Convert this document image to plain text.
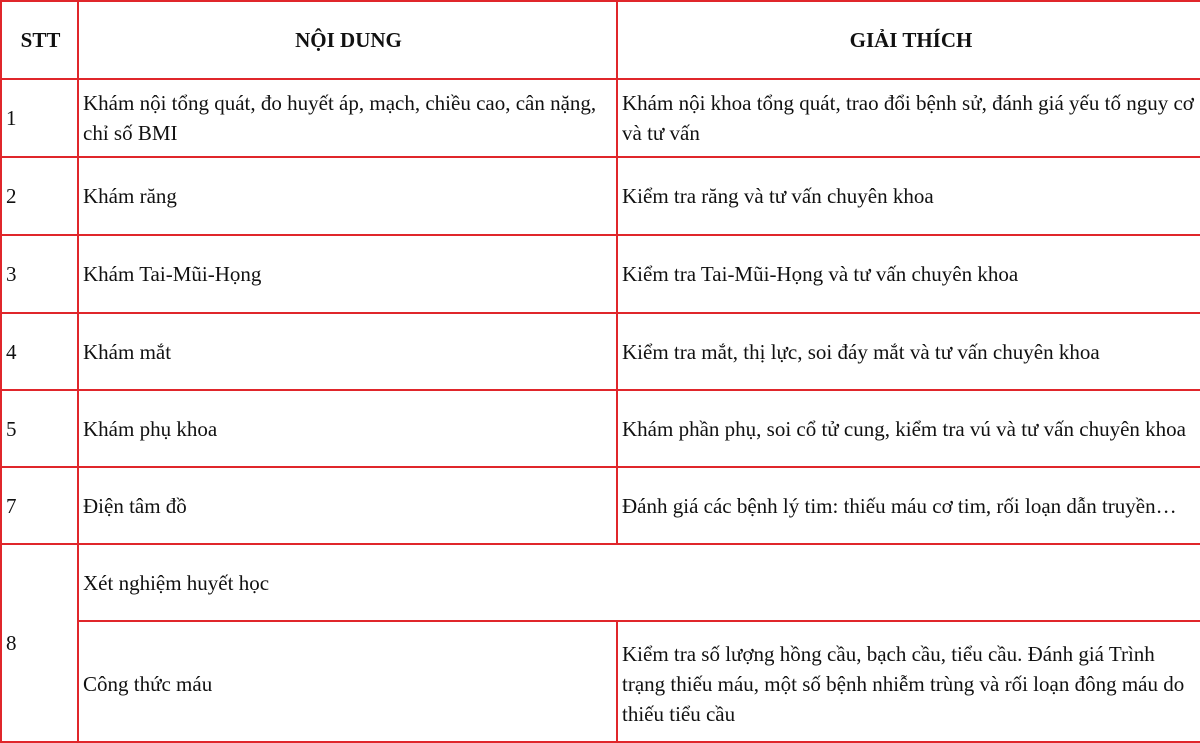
STT	NỘI DUNG	GIẢI THÍCH
1	Khám nội tổng quát, đo huyết áp, mạch, chiều cao, cân nặng, chỉ số BMI	Khám nội khoa tổng quát, trao đổi bệnh sử, đánh giá yếu tố nguy cơ và tư vấn
2	Khám răng	Kiểm tra răng và tư vấn chuyên khoa
3	Khám Tai-Mũi-Họng	Kiểm tra Tai-Mũi-Họng và tư vấn chuyên khoa
4	Khám mắt	Kiểm tra mắt, thị lực, soi đáy mắt và tư vấn chuyên khoa
5	Khám phụ khoa	Khám phần phụ, soi cổ tử cung, kiểm tra vú và tư vấn chuyên khoa
7	Điện tâm đồ	Đánh giá các bệnh lý tim: thiếu máu cơ tim, rối loạn dẫn truyền…
8	Xét nghiệm huyết học	
	Công thức máu	Kiểm tra số lượng hồng cầu, bạch cầu, tiểu cầu. Đánh giá Trình trạng thiếu máu, một số bệnh nhiễm trùng và rối loạn đông máu do thiếu tiểu cầu
